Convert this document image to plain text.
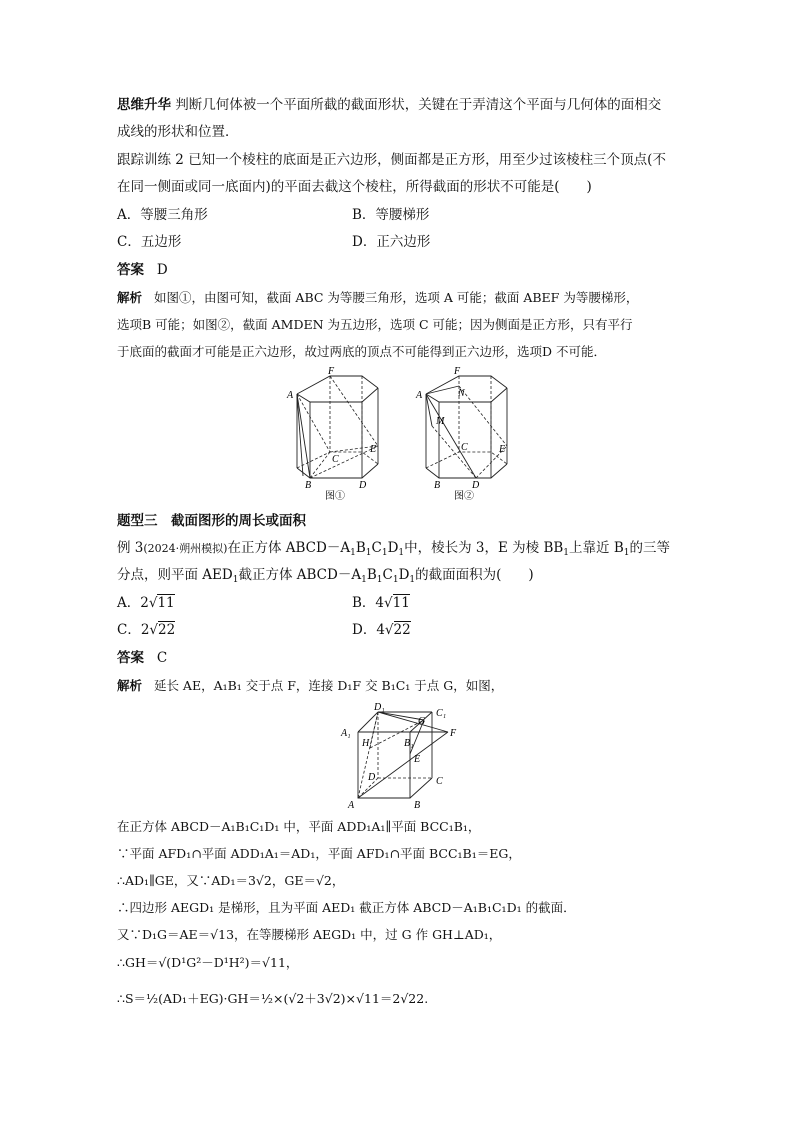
思维升华 判断几何体被一个平面所截的截面形状，关键在于弄清这个平面与几何体的面相交
成线的形状和位置．
跟踪训练 2 已知一个棱柱的底面是正六边形，侧面都是正方形，用至少过该棱柱三个顶点(不
在同一侧面或同一底面内)的平面去截这个棱柱，所得截面的形状不可能是(　　)
A．等腰三角形	B．等腰梯形
C．五边形	D．正六边形
答案 D
解析 如图①，由图可知，截面 ABC 为等腰三角形，选项 A 可能；截面 ABEF 为等腰梯形，
选项B 可能；如图②，截面 AMDEN 为五边形，选项 C 可能；因为侧面是正方形，只有平行
于底面的截面才可能是正六边形，故过两底的顶点不可能得到正六边形，选项D 不可能．
A
F
B	D
C
E
图①
A
F
N
M
C	E
B	D
图②
题型三　截面图形的周长或面积
例 3(2024·朔州模拟)在正方体 $ABCD-A_1B_1C_1D_1$中，棱长为 3，E 为棱 $BB_1$上靠近 $B_1$的三等
分点，则平面 $AED_1$截正方体 $ABCD-A_1B_1C_1D_1$的截面面积为(　　)
A．2√11	B．4√11
C．2√22	D．4√22
答案 C
解析 延长 AE，A₁B₁ 交于点 F，连接 D₁F 交 B₁C₁ 于点 G，如图，
D₁
C₁
G
A₁	F
H	B₁
E
D	C
A	B
在正方体 ABCD－A₁B₁C₁D₁ 中，平面 ADD₁A₁∥平面 BCC₁B₁，
∵平面 AFD₁∩平面 ADD₁A₁＝AD₁，平面 AFD₁∩平面 BCC₁B₁＝EG，
∴AD₁∥GE，又∵AD₁＝3√2，GE＝√2，
∴四边形 AEGD₁ 是梯形，且为平面 AED₁ 截正方体 ABCD－A₁B₁C₁D₁ 的截面．
又∵D₁G＝AE＝√13，在等腰梯形 AEGD₁ 中，过 G 作 GH⊥AD₁，
∴GH＝√(D¹G²－D¹H²)＝√11，
∴S＝½(AD₁＋EG)·GH＝½×(√2＋3√2)×√11＝2√22.
